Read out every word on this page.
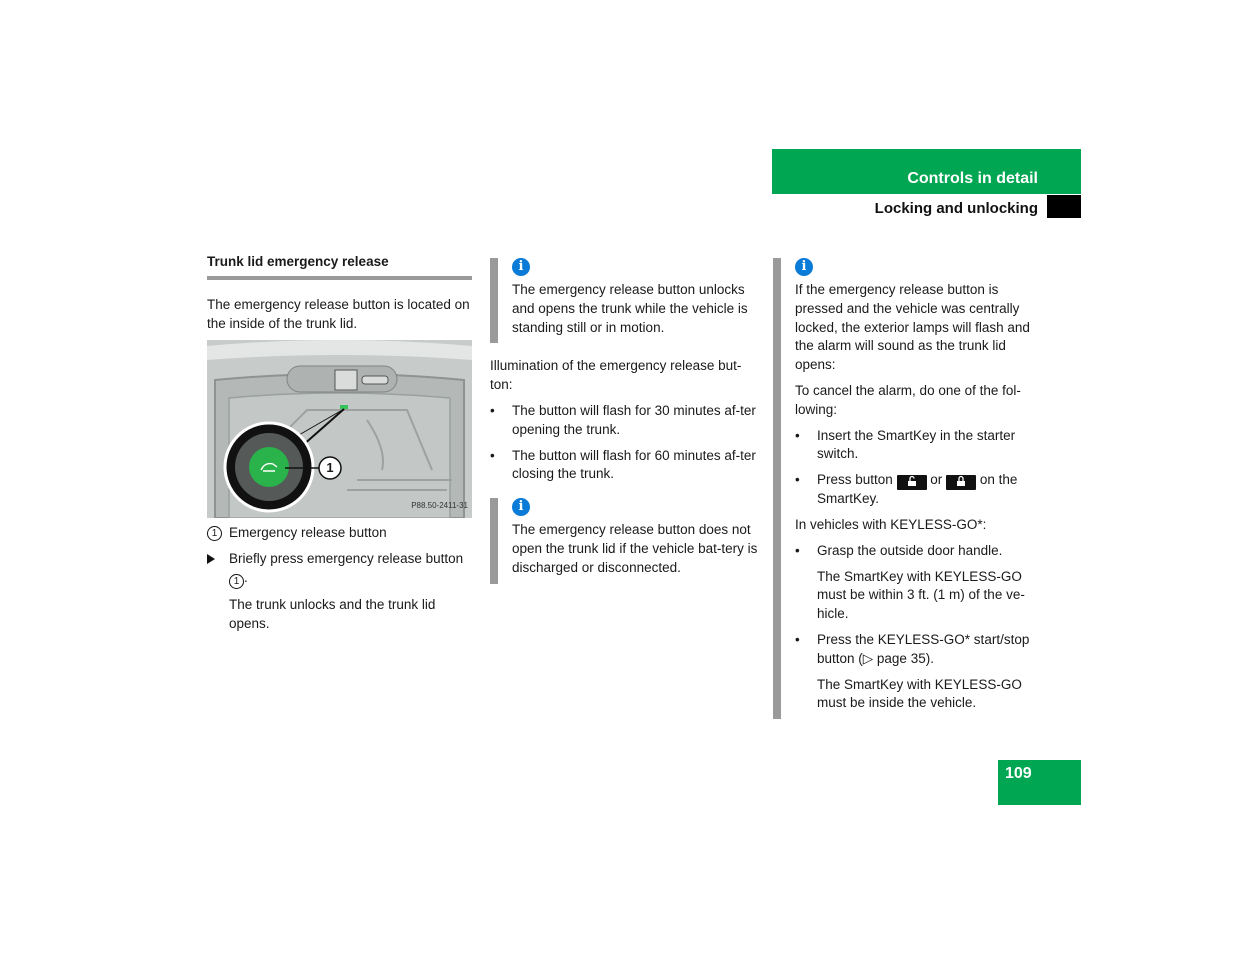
Controls in detail
Locking and unlocking
Trunk lid emergency release
The emergency release button is located on the inside of the trunk lid.
1
P88.50-2411-31
1 Emergency release button
Briefly press emergency release button 1 .
The trunk unlocks and the trunk lid opens.
i
The emergency release button unlocks and opens the trunk while the vehicle is standing still or in motion.
Illumination of the emergency release but-ton:
• The button will flash for 30 minutes af-ter opening the trunk.
• The button will flash for 60 minutes af-ter closing the trunk.
i
The emergency release button does not open the trunk lid if the vehicle bat-tery is discharged or disconnected.
i
If the emergency release button is pressed and the vehicle was centrally locked, the exterior lamps will flash and the alarm will sound as the trunk lid opens:
To cancel the alarm, do one of the fol-lowing:
• Insert the SmartKey in the starter switch.
• Press button  or  on the SmartKey.
In vehicles with KEYLESS-GO*:
• Grasp the outside door handle.
The SmartKey with KEYLESS-GO must be within 3 ft. (1 m) of the ve-hicle.
• Press the KEYLESS-GO* start/stop button (▷ page 35).
The SmartKey with KEYLESS-GO must be inside the vehicle.
109
